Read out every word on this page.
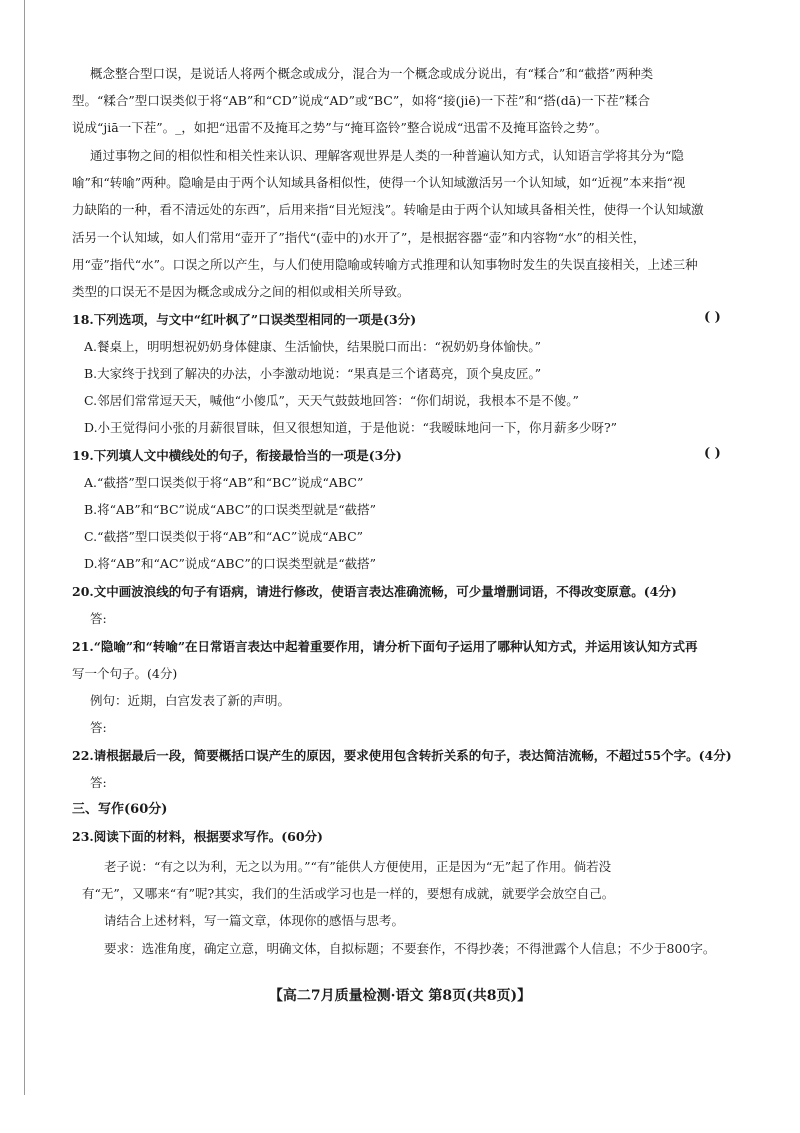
概念整合型口误，是说话人将两个概念或成分，混合为一个概念或成分说出，有“糅合”和“截搭”两种类
型。“糅合”型口误类似于将“AB”和“CD”说成“AD”或“BC”，如将“接(jiē)一下茬”和“搭(dā)一下茬”糅合
说成“jiā一下茬”。_，如把“迅雷不及掩耳之势”与“掩耳盗铃”整合说成“迅雷不及掩耳盗铃之势”。
通过事物之间的相似性和相关性来认识、理解客观世界是人类的一种普遍认知方式，认知语言学将其分为“隐
喻”和“转喻”两种。隐喻是由于两个认知域具备相似性，使得一个认知域激活另一个认知域，如“近视”本来指“视
力缺陷的一种，看不清远处的东西”，后用来指“目光短浅”。转喻是由于两个认知域具备相关性，使得一个认知域激
活另一个认知域，如人们常用“壶开了”指代“(壶中的)水开了”，是根据容器“壶”和内容物“水”的相关性，
用“壶”指代“水”。口误之所以产生，与人们使用隐喻或转喻方式推理和认知事物时发生的失误直接相关，上述三种
类型的口误无不是因为概念或成分之间的相似或相关所导致。
18.下列选项，与文中“红叶枫了”口误类型相同的一项是(3分)	( )
A.餐桌上，明明想祝奶奶身体健康、生活愉快，结果脱口而出：“祝奶奶身体愉快。”
B.大家终于找到了解决的办法，小李激动地说：“果真是三个诸葛亮，顶个臭皮匠。”
C.邻居们常常逗天天，喊他“小傻瓜”，天天气鼓鼓地回答：“你们胡说，我根本不是不傻。”
D.小王觉得问小张的月薪很冒昧，但又很想知道，于是他说：“我暧昧地问一下，你月薪多少呀?”
19.下列填人文中横线处的句子，衔接最恰当的一项是(3分)	( )
A.“截搭”型口误类似于将“AB”和“BC”说成“ABC”
B.将“AB”和“BC”说成“ABC”的口误类型就是“截搭”
C.“截搭”型口误类似于将“AB”和“AC”说成“ABC”
D.将“AB”和“AC”说成“ABC”的口误类型就是“截搭”
20.文中画波浪线的句子有语病，请进行修改，使语言表达准确流畅，可少量增删词语，不得改变原意。(4分)
答:
21.“隐喻”和“转喻”在日常语言表达中起着重要作用，请分析下面句子运用了哪种认知方式，并运用该认知方式再
写一个句子。(4分)
例句：近期，白宫发表了新的声明。
答:
22.请根据最后一段，简要概括口误产生的原因，要求使用包含转折关系的句子，表达简洁流畅，不超过55个字。(4分)
答:
三、写作(60分)
23.阅读下面的材料，根据要求写作。(60分)
老子说：“有之以为利，无之以为用。”“有”能供人方便使用，正是因为“无”起了作用。倘若没
有“无”，又哪来“有”呢?其实，我们的生活或学习也是一样的，要想有成就，就要学会放空自己。
请结合上述材料，写一篇文章，体现你的感悟与思考。
要求：选准角度，确定立意，明确文体，自拟标题；不要套作，不得抄袭；不得泄露个人信息；不少于800字。
【高二7月质量检测·语文 第8页(共8页)】
